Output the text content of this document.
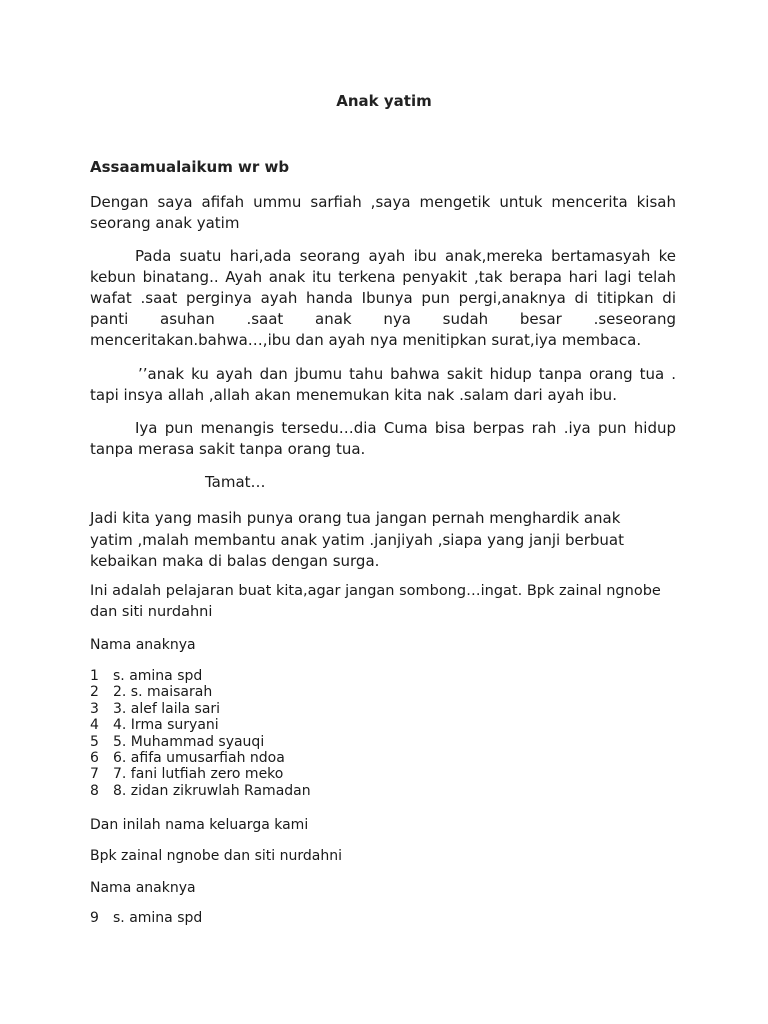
Anak yatim
Assaamualaikum wr wb

Dengan saya afifah ummu sarfiah ,saya mengetik untuk mencerita kisah seorang anak yatim

Pada suatu hari,ada seorang ayah ibu anak,mereka bertamasyah ke kebun binatang.. Ayah anak itu terkena penyakit ,tak berapa hari lagi telah wafat .saat perginya ayah handa Ibunya pun pergi,anaknya di titipkan di panti asuhan .saat anak nya sudah besar .seseorang menceritakan.bahwa…,ibu dan ayah nya menitipkan surat,iya membaca.

’’anak ku ayah dan jbumu tahu bahwa sakit hidup tanpa orang tua . tapi insya allah ,allah akan menemukan kita nak .salam dari ayah ibu.

Iya pun menangis tersedu…dia Cuma bisa berpas rah .iya pun hidup tanpa merasa sakit tanpa orang tua.

Tamat…

Jadi kita yang masih punya orang tua jangan pernah menghardik anak yatim ,malah membantu anak yatim .janjiyah ,siapa yang janji berbuat kebaikan maka di balas dengan surga.

Ini adalah pelajaran buat kita,agar jangan sombong…ingat. Bpk zainal ngnobe dan siti nurdahni

Nama anaknya

1	s. amina spd
2	2. s. maisarah
3	3. alef laila sari
4	4. Irma suryani
5	5. Muhammad syauqi
6	6. afifa umusarfiah ndoa
7	7. fani lutfiah zero meko
8	8. zidan zikruwlah Ramadan

Dan inilah nama keluarga kami

Bpk zainal ngnobe dan siti nurdahni

Nama anaknya

9	s. amina spd
